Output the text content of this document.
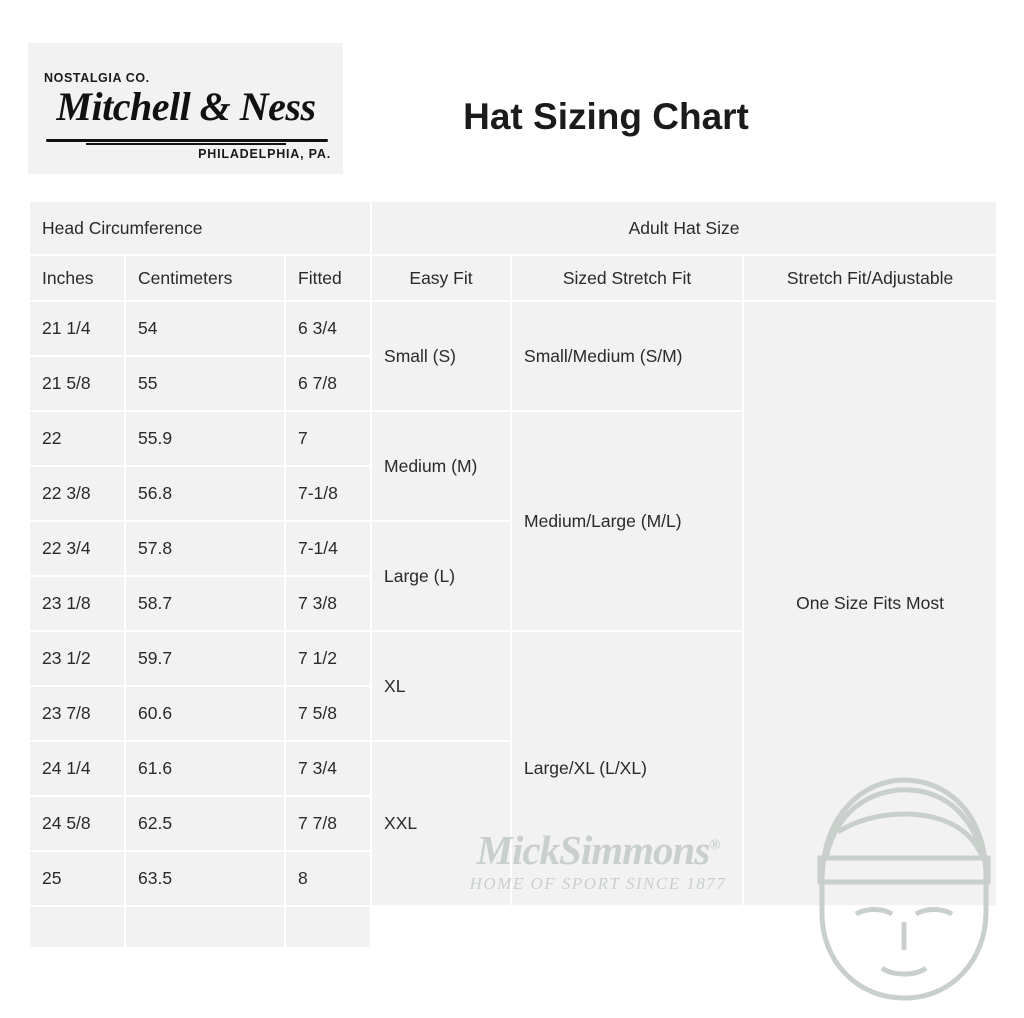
NOSTALGIA CO.
Mitchell & Ness
PHILADELPHIA, PA.
Hat Sizing Chart
Head Circumference			Adult Hat Size		
Inches	Centimeters	Fitted	Easy Fit	Sized Stretch Fit	Stretch Fit/Adjustable
21 1/4	54	6 3/4	Small (S)	Small/Medium (S/M)	One Size Fits Most
21 5/8	55	6 7/8			
22	55.9	7	Medium (M)	Medium/Large (M/L)	
22 3/8	56.8	7-1/8			
22 3/4	57.8	7-1/4	Large (L)		
23 1/8	58.7	7 3/8			
23 1/2	59.7	7 1/2	XL	Large/XL (L/XL)	
23 7/8	60.6	7 5/8			
24 1/4	61.6	7 3/4	XXL		
24 5/8	62.5	7 7/8			
25	63.5	8			

MickSimmons®
HOME OF SPORT SINCE 1877
